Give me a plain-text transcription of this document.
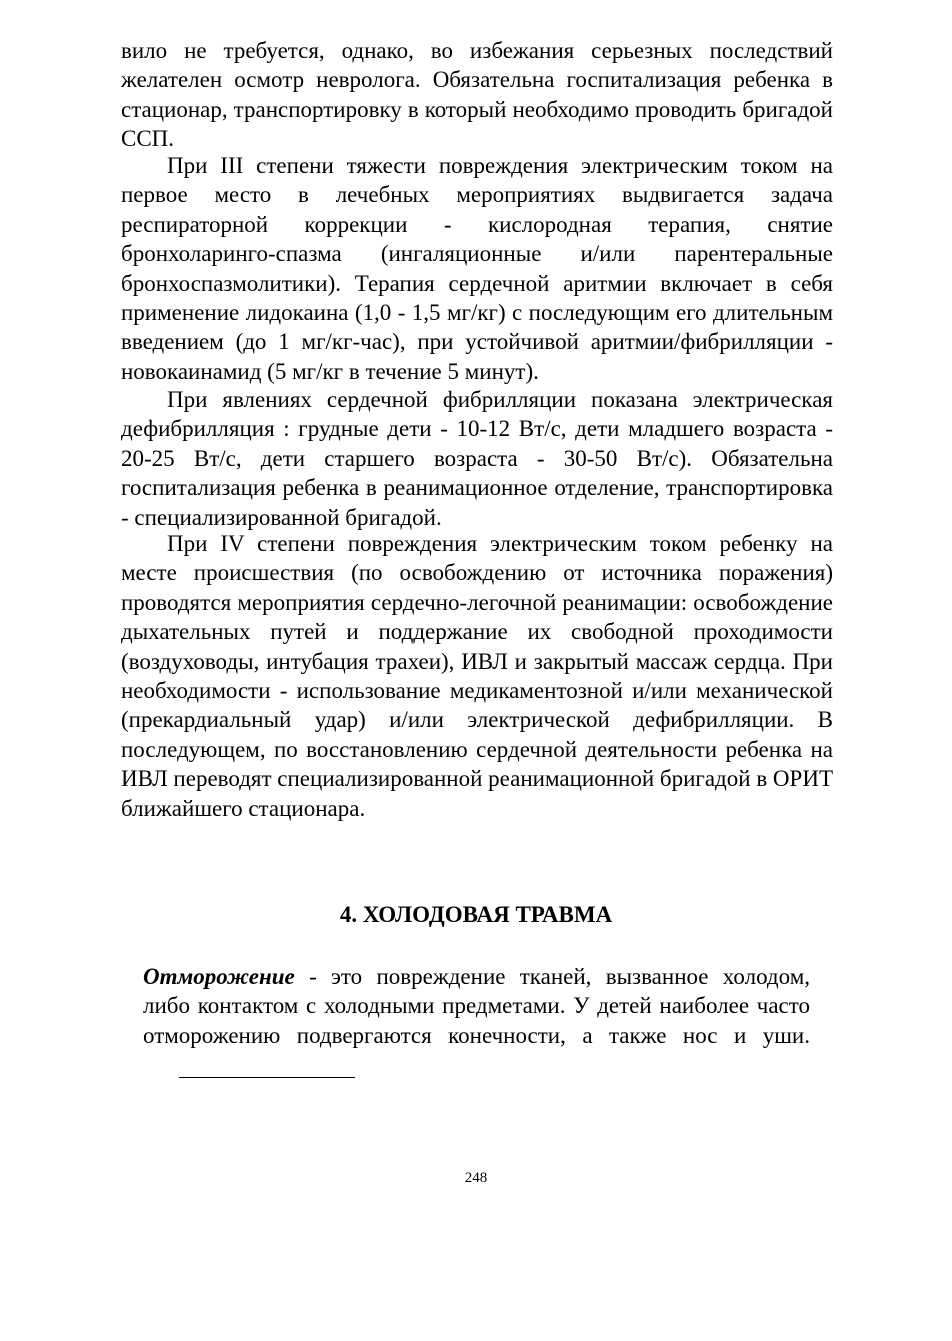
вило не требуется, однако, во избежания серьезных последствий желателен осмотр невролога. Обязательна госпитализация ребенка в стационар, транспортировку в который необходимо проводить бригадой ССП.

При III степени тяжести повреждения электрическим током на первое место в лечебных мероприятиях выдвигается задача респираторной коррекции - кислородная терапия, снятие бронхоларинго-спазма (ингаляционные и/или парентеральные бронхоспазмолитики). Терапия сердечной аритмии включает в себя применение лидокаина (1,0 - 1,5 мг/кг) с последующим его длительным введением (до 1 мг/кг-час), при устойчивой аритмии/фибрилляции - новокаинамид (5 мг/кг в течение 5 минут).

При явлениях сердечной фибрилляции показана электрическая дефибрилляция : грудные дети - 10-12 Вт/с, дети младшего возраста - 20-25 Вт/с, дети старшего возраста - 30-50 Вт/с). Обязательна госпитализация ребенка в реанимационное отделение, транспортировка - специализированной бригадой.

При IV степени повреждения электрическим током ребенку на месте происшествия (по освобождению от источника поражения) проводятся мероприятия сердечно-легочной реанимации: освобождение дыхательных путей и поддержание их свободной проходимости (воздуховоды, интубация трахеи), ИВЛ и закрытый массаж сердца. При необходимости - использование медикаментозной и/или механической (прекардиальный удар) и/или электрической дефибрилляции. В последующем, по восстановлению сердечной деятельности ребенка на ИВЛ переводят специализированной реанимационной бригадой в ОРИТ ближайшего стационара.

4. ХОЛОДОВАЯ ТРАВМА

Отморожение - это повреждение тканей, вызванное холодом, либо контактом с холодными предметами. У детей наиболее часто отморожению подвергаются конечности, а также нос и уши.

248
